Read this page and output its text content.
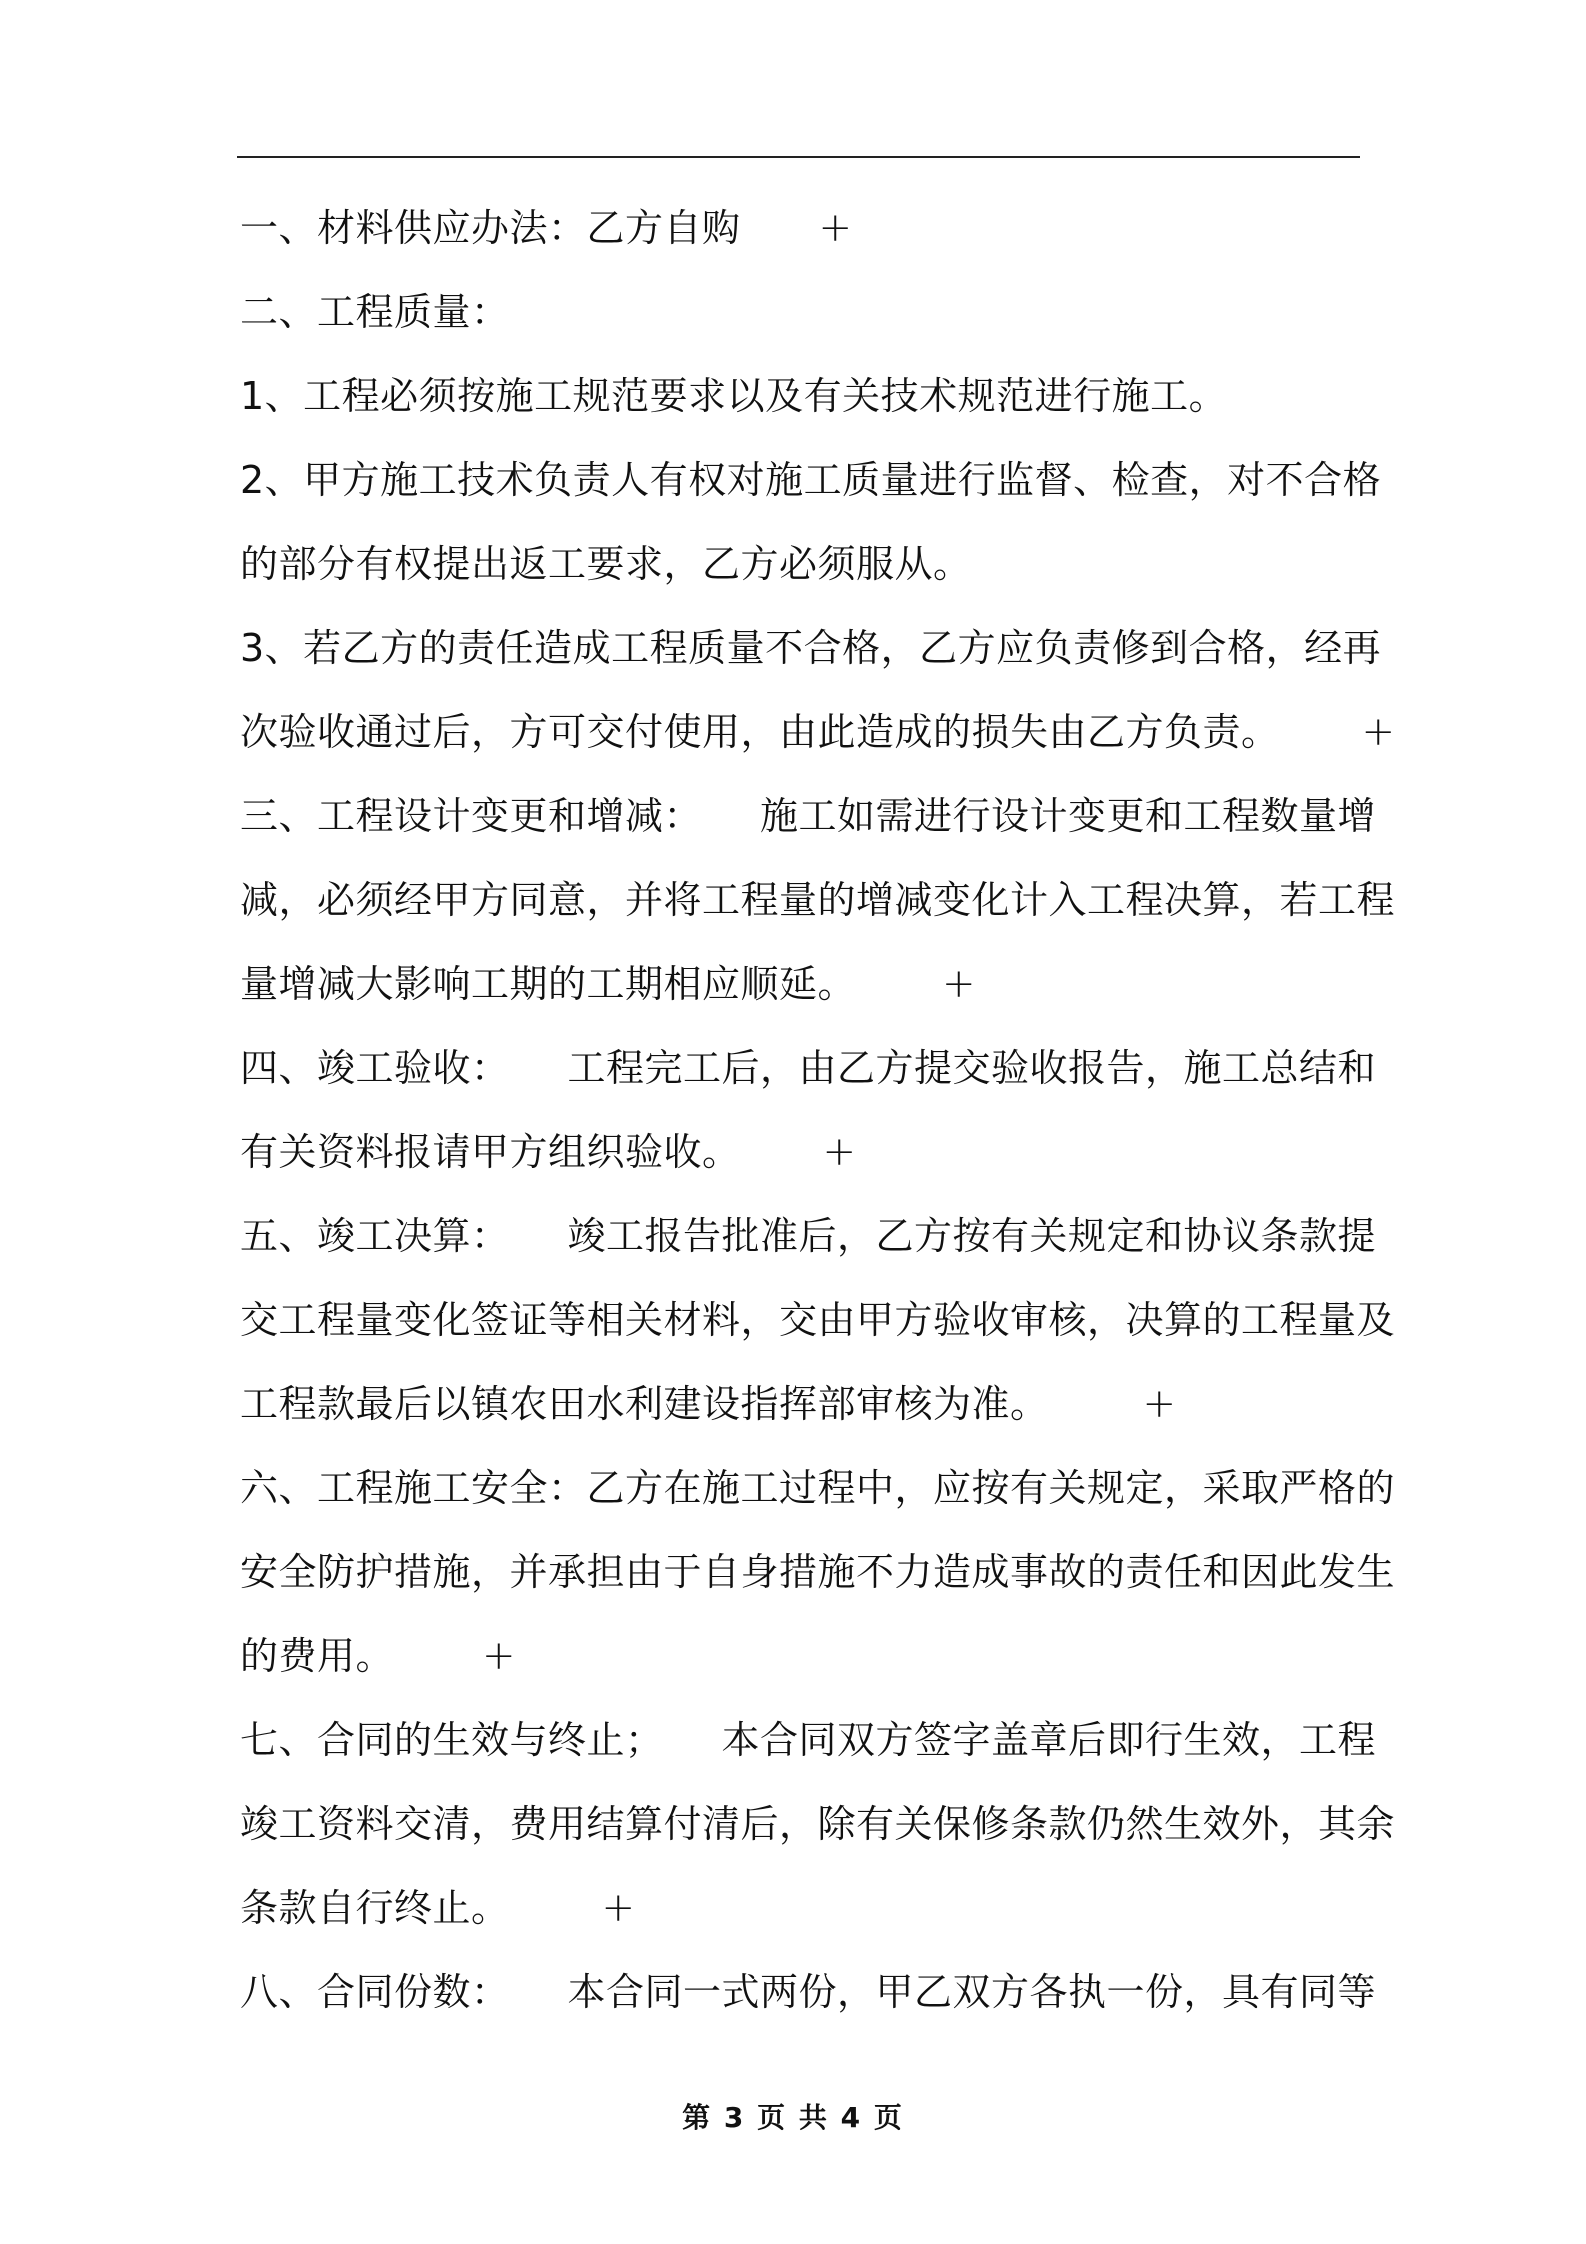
一、材料供应办法：乙方自购 +
二、工程质量：
1、工程必须按施工规范要求以及有关技术规范进行施工。
2、甲方施工技术负责人有权对施工质量进行监督、检查，对不合格
的部分有权提出返工要求，乙方必须服从。
3、若乙方的责任造成工程质量不合格，乙方应负责修到合格，经再
次验收通过后，方可交付使用，由此造成的损失由乙方负责。 +
三、工程设计变更和增减：　　施工如需进行设计变更和工程数量增
减，必须经甲方同意，并将工程量的增减变化计入工程决算，若工程
量增减大影响工期的工期相应顺延。 +
四、竣工验收：　　工程完工后，由乙方提交验收报告，施工总结和
有关资料报请甲方组织验收。 +
五、竣工决算：　　竣工报告批准后，乙方按有关规定和协议条款提
交工程量变化签证等相关材料，交由甲方验收审核，决算的工程量及
工程款最后以镇农田水利建设指挥部审核为准。 +
六、工程施工安全：乙方在施工过程中，应按有关规定，采取严格的
安全防护措施，并承担由于自身措施不力造成事故的责任和因此发生
的费用。 +
七、合同的生效与终止；　　本合同双方签字盖章后即行生效，工程
竣工资料交清，费用结算付清后，除有关保修条款仍然生效外，其余
条款自行终止。 +
八、合同份数：　　本合同一式两份，甲乙双方各执一份，具有同等
第 3 页 共 4 页
